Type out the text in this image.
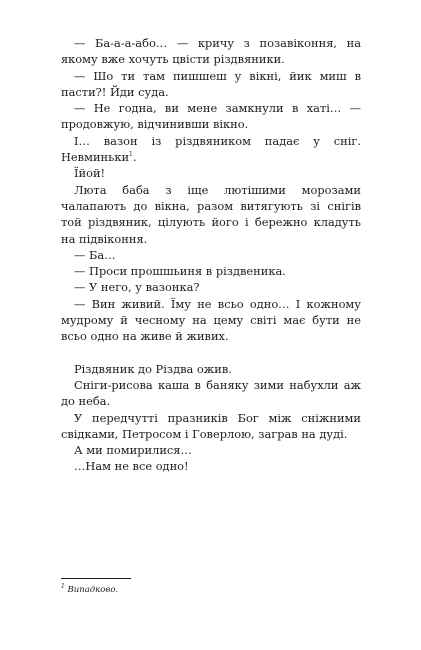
— Ба-а-а-або… — кричу з позавіконня, на якому вже хочуть цвісти різдвяники.

— Шо ти там пишшеш у вікні, йик миш в пасти?! Йди суда.

— Не годна, ви мене замкнули в хаті… — продовжую, відчинивши вікно.

І… вазон із різдвяником падає у сніг. Невминьки$^1$.

Їйой!

Люта баба з іще лютішими морозами чалапають до вікна, разом витягують зі снігів той різдвяник, цілують його і бережно кладуть на підвіконня.

— Ба…

— Проси прошшьиня в різдвеника.

— У него, у вазонка?

— Вин живий. Їму не всьо одно… І кожному мудрому й чесному на цему світі має бути не всьо одно на живе й живих.

Різдвяник до Різдва ожив.

Сніги-рисова каша в баняку зими набухли аж до неба.

У передчутті празників Бог між сніжними свідками, Петросом і Говерлою, заграв на дуді.

А ми помирилися…

…Нам не все одно!

$^1$ Випадково.
